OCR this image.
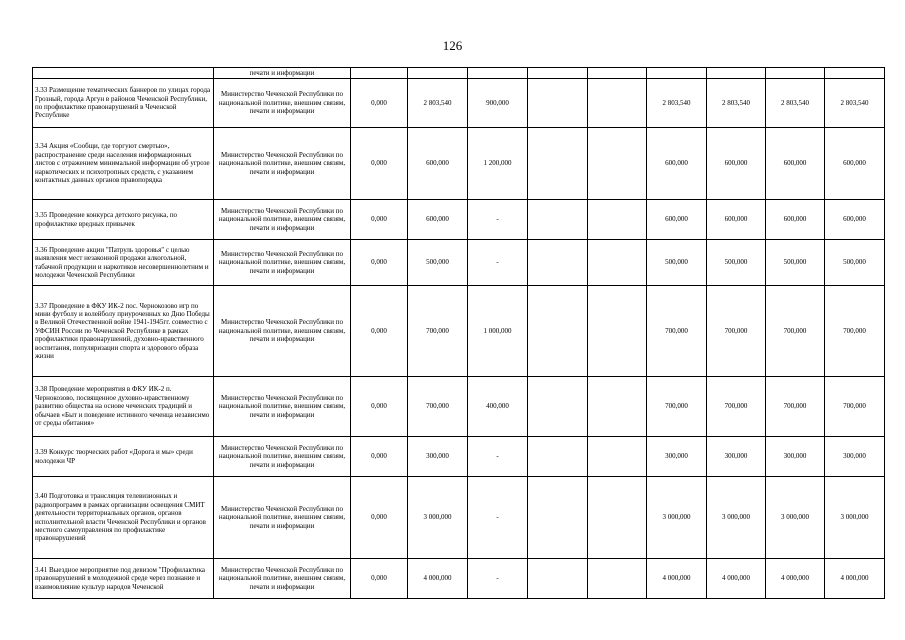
126
	печати и информации									
3.33 Размещение тематических баннеров по улицах города Грозный, города Аргун в районов Чеченской Республики, по профилактике правонарушений в Чеченской Республике	Министерство Чеченской Республики по национальной политике, внешним связям, печати и информации	0,000	2 803,540	900,000			2 803,540	2 803,540	2 803,540	2 803,540
3.34 Акция «Сообщи, где торгуют смертью», распространение среди населения информационных листов с отражением минимальной информации об угрозе наркотических и психотропных средств, с указанием контактных данных органов правопорядка	Министерство Чеченской Республики по национальной политике, внешним связям, печати и информации	0,000	600,000	1 200,000			600,000	600,000	600,000	600,000
3.35 Проведение конкурса детского рисунка, по профилактике вредных привычек	Министерство Чеченской Республики по национальной политике, внешним связям, печати и информации	0,000	600,000	-			600,000	600,000	600,000	600,000
3.36 Проведение акции "Патруль здоровья" с целью выявления мест незаконной продажи алкогольной, табачной продукции и наркотиков несовершеннолетним и молодежи Чеченской Республики	Министерство Чеченской Республики по национальной политике, внешним связям, печати и информации	0,000	500,000	-			500,000	500,000	500,000	500,000
3.37 Проведение в ФКУ ИК-2 пос. Чернокозово игр по мини футболу и волейболу приуроченных ко Дню Победы в Великой Отечественной войне 1941-1945гг. совместно с УФСИН России по Чеченской Республике в рамках профилактики правонарушений, духовно-нравственного воспитания, популяризации спорта и здорового образа жизни	Министерство Чеченской Республики по национальной политике, внешним связям, печати и информации	0,000	700,000	1 000,000			700,000	700,000	700,000	700,000
3.38 Проведение мероприятия в ФКУ ИК-2 п. Чернокозово, посвященное духовно-нравственному развитию общества на основе чеченских традиций и обычаев «Быт и поведение истинного чеченца независимо от среды обитания»	Министерство Чеченской Республики по национальной политике, внешним связям, печати и информации	0,000	700,000	400,000			700,000	700,000	700,000	700,000
3.39 Конкурс творческих работ «Дорога и мы» среди молодежи ЧР	Министерство Чеченской Республики по национальной политике, внешним связям, печати и информации	0,000	300,000	-			300,000	300,000	300,000	300,000
3.40 Подготовка и трансляция телевизионных и радиопрограмм в рамках организации освещения СМИТ деятельности территориальных органов, органов исполнительной власти Чеченской Республики и органов местного самоуправления по профилактике правонарушений	Министерство Чеченской Республики по национальной политике, внешним связям, печати и информации	0,000	3 000,000	-			3 000,000	3 000,000	3 000,000	3 000,000
3.41 Выездное мероприятие под девизом "Профилактика правонарушений в молодежной среде через познание и взаимовлияние культур народов Чеченской	Министерство Чеченской Республики по национальной политике, внешним связям, печати и информации	0,000	4 000,000	-			4 000,000	4 000,000	4 000,000	4 000,000
